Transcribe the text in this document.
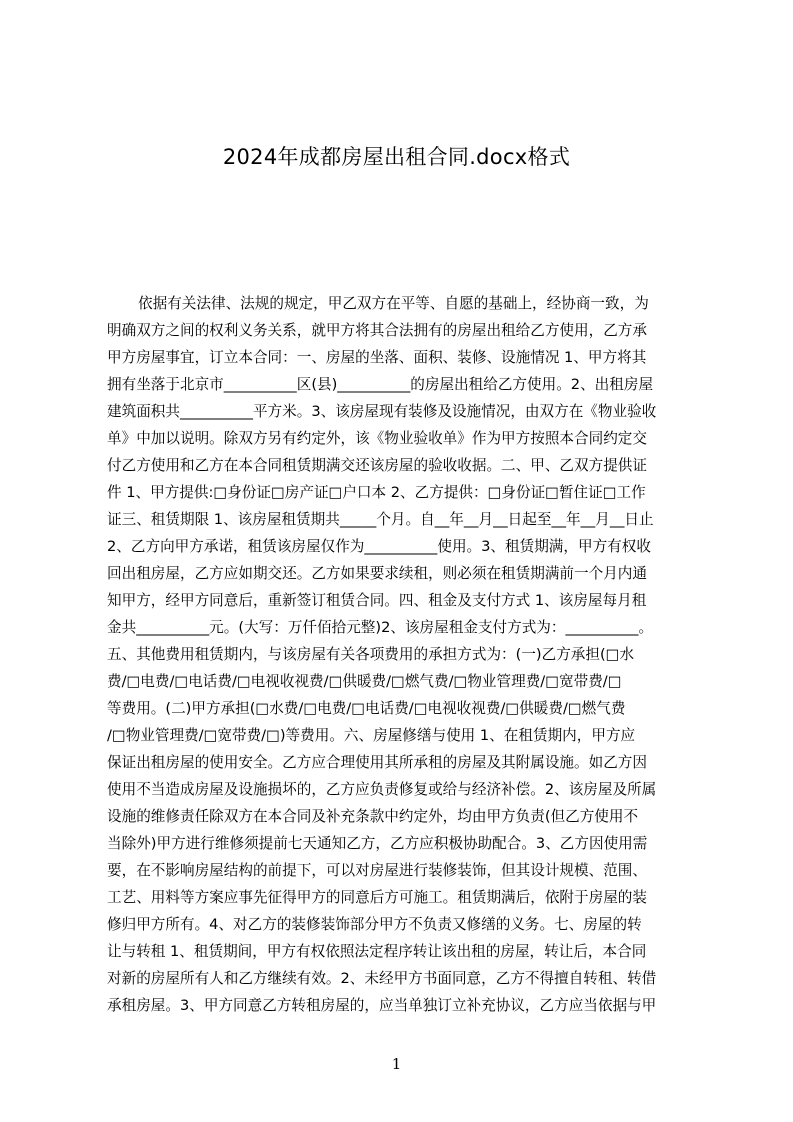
2024年成都房屋出租合同.docx格式
依据有关法律、法规的规定，甲乙双方在平等、自愿的基础上，经协商一致，为
明确双方之间的权利义务关系，就甲方将其合法拥有的房屋出租给乙方使用，乙方承
甲方房屋事宜，订立本合同：一、房屋的坐落、面积、装修、设施情况 1、甲方将其
拥有坐落于北京市__________区(县)__________的房屋出租给乙方使用。2、出租房屋
建筑面积共__________平方米。3、该房屋现有装修及设施情况，由双方在《物业验收
单》中加以说明。除双方另有约定外，该《物业验收单》作为甲方按照本合同约定交
付乙方使用和乙方在本合同租赁期满交还该房屋的验收收据。二、甲、乙双方提供证
件 1、甲方提供:□身份证□房产证□户口本 2、乙方提供：□身份证□暂住证□工作
证三、租赁期限 1、该房屋租赁期共_____个月。自__年__月__日起至__年__月__日止
2、乙方向甲方承诺，租赁该房屋仅作为__________使用。3、租赁期满，甲方有权收
回出租房屋，乙方应如期交还。乙方如果要求续租，则必须在租赁期满前一个月内通
知甲方，经甲方同意后，重新签订租赁合同。四、租金及支付方式 1、该房屋每月租
金共__________元。(大写：万仟佰拾元整)2、该房屋租金支付方式为：__________。
五、其他费用租赁期内，与该房屋有关各项费用的承担方式为：(一)乙方承担(□水
费/□电费/□电话费/□电视收视费/□供暖费/□燃气费/□物业管理费/□宽带费/□
等费用。(二)甲方承担(□水费/□电费/□电话费/□电视收视费/□供暖费/□燃气费
/□物业管理费/□宽带费/□)等费用。六、房屋修缮与使用 1、在租赁期内，甲方应
保证出租房屋的使用安全。乙方应合理使用其所承租的房屋及其附属设施。如乙方因
使用不当造成房屋及设施损坏的，乙方应负责修复或给与经济补偿。2、该房屋及所属
设施的维修责任除双方在本合同及补充条款中约定外，均由甲方负责(但乙方使用不
当除外)甲方进行维修须提前七天通知乙方，乙方应积极协助配合。3、乙方因使用需
要，在不影响房屋结构的前提下，可以对房屋进行装修装饰，但其设计规模、范围、
工艺、用料等方案应事先征得甲方的同意后方可施工。租赁期满后，依附于房屋的装
修归甲方所有。4、对乙方的装修装饰部分甲方不负责又修缮的义务。七、房屋的转
让与转租 1、租赁期间，甲方有权依照法定程序转让该出租的房屋，转让后，本合同
对新的房屋所有人和乙方继续有效。2、未经甲方书面同意，乙方不得擅自转租、转借
承租房屋。3、甲方同意乙方转租房屋的，应当单独订立补充协议，乙方应当依据与甲
1
